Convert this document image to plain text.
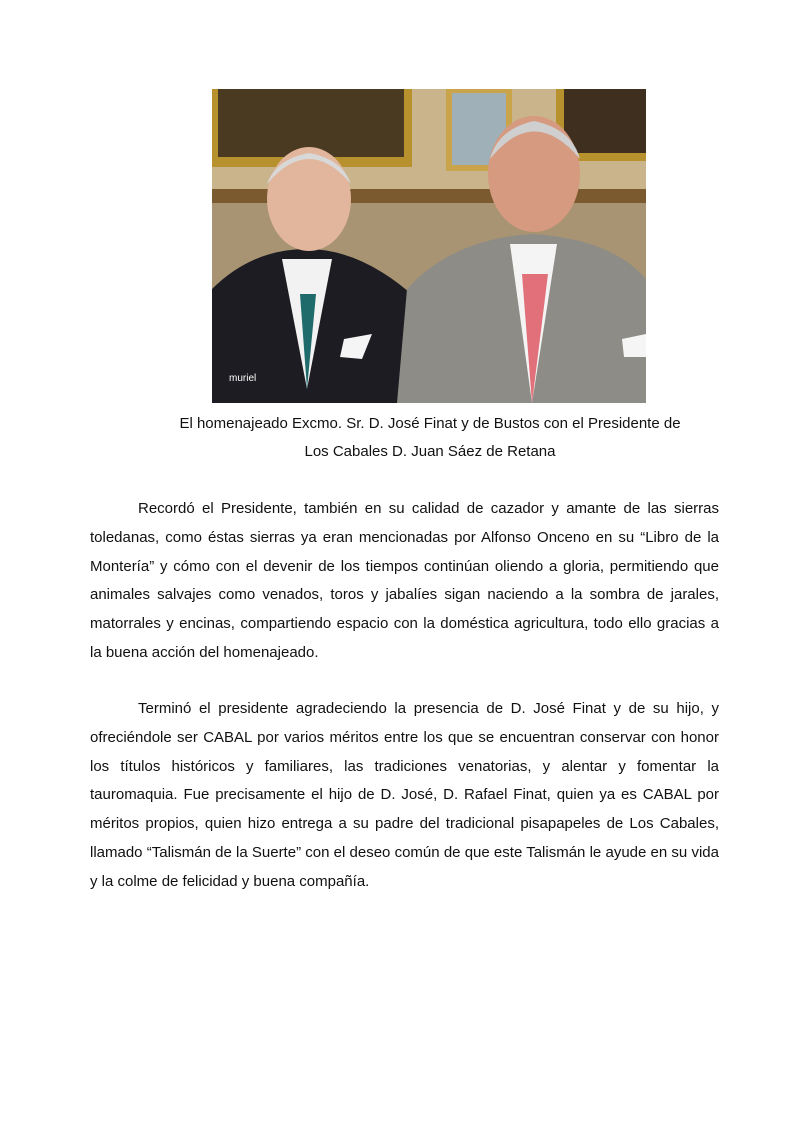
muriel
El homenajeado Excmo. Sr. D. José Finat y de Bustos con el Presidente de
Los Cabales D. Juan Sáez de Retana

Recordó el Presidente, también en su calidad de cazador y amante de las sierras toledanas, como éstas sierras ya eran mencionadas por Alfonso Onceno en su “Libro de la Montería” y cómo con el devenir de los tiempos continúan oliendo a gloria, permitiendo que animales salvajes como venados, toros y jabalíes sigan naciendo a la sombra de jarales, matorrales y encinas, compartiendo espacio con la doméstica agricultura, todo ello gracias a la buena acción del homenajeado.

Terminó el presidente agradeciendo la presencia de D. José Finat y de su hijo, y ofreciéndole ser CABAL por varios méritos entre los que se encuentran conservar con honor los títulos históricos y familiares, las tradiciones venatorias, y alentar y fomentar la tauromaquia. Fue precisamente el hijo de D. José, D. Rafael Finat, quien ya es CABAL por méritos propios, quien hizo entrega a su padre del tradicional pisapapeles de Los Cabales, llamado “Talismán de la Suerte” con el deseo común de que este Talismán le ayude en su vida y la colme de felicidad y buena compañía.
